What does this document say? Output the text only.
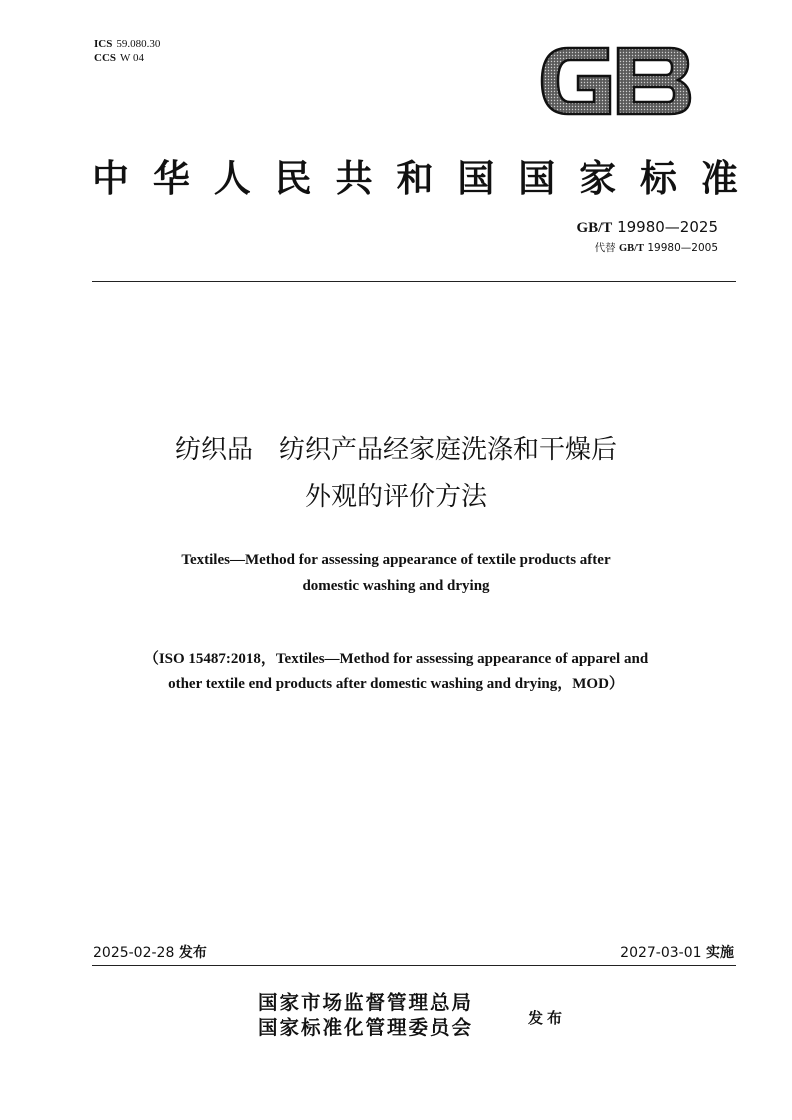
ICS 59.080.30
CCS W 04
GB
中 华 人 民 共 和 国 国 家 标 准
GB/T 19980—2025
代替 GB/T 19980—2005
纺织品　纺织产品经家庭洗涤和干燥后
外观的评价方法
Textiles—Method for assessing appearance of textile products after
domestic washing and drying
（ISO 15487:2018，Textiles—Method for assessing appearance of apparel and
other textile end products after domestic washing and drying，MOD）
2025-02-28 发布	2027-03-01 实施
国家市场监督管理总局
国家标准化管理委员会	发布
